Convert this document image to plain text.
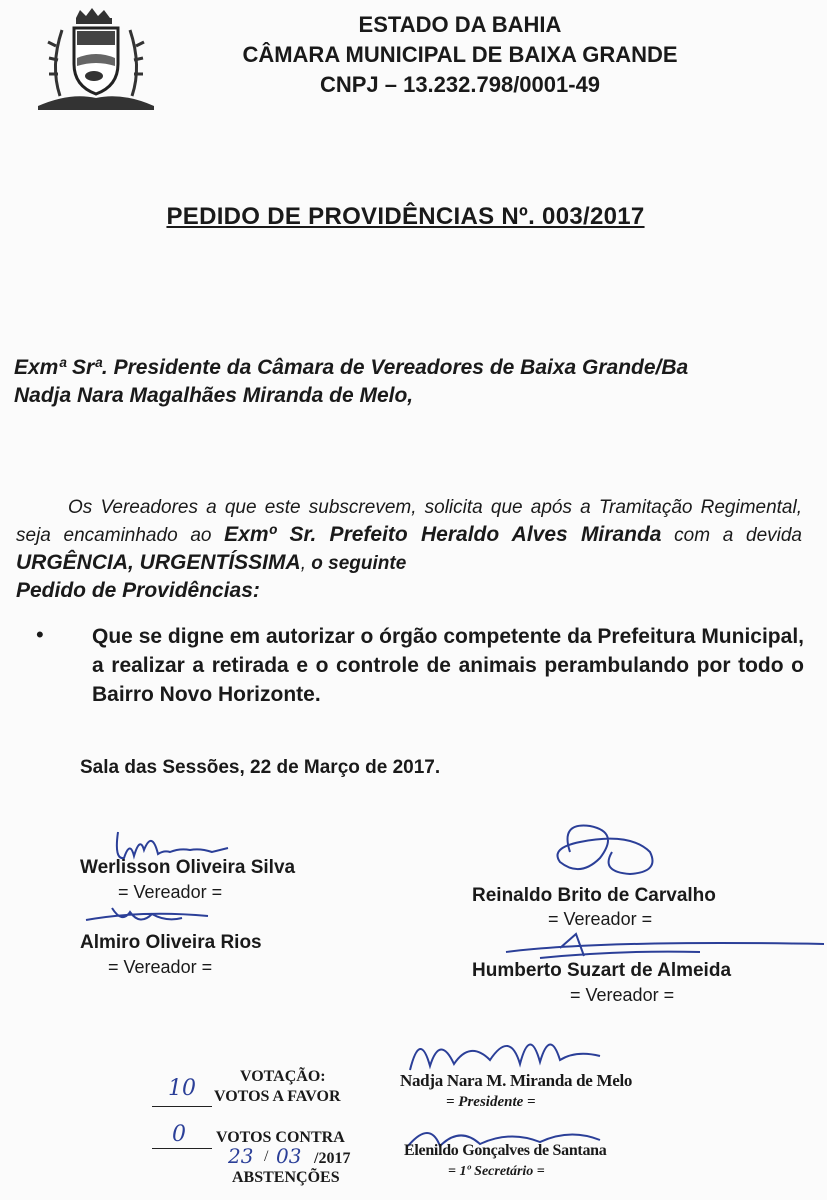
ESTADO DA BAHIA
CÂMARA MUNICIPAL DE BAIXA GRANDE
CNPJ – 13.232.798/0001-49
PEDIDO DE PROVIDÊNCIAS Nº. 003/2017
Exmª Srª. Presidente da Câmara de Vereadores de Baixa Grande/Ba
Nadja Nara Magalhães Miranda de Melo,
Os Vereadores a que este subscrevem, solicita que após a Tramitação Regimental, seja encaminhado ao Exmº Sr. Prefeito Heraldo Alves Miranda com a devida URGÊNCIA, URGENTÍSSIMA, o seguinte
Pedido de Providências:
• Que se digne em autorizar o órgão competente da Prefeitura Municipal, a realizar a retirada e o controle de animais perambulando por todo o Bairro Novo Horizonte.
Sala das Sessões, 22 de Março de 2017.
Werlisson Oliveira Silva
= Vereador =
Almiro Oliveira Rios
= Vereador =
Reinaldo Brito de Carvalho
= Vereador =
Humberto Suzart de Almeida
= Vereador =
Nadja Nara M. Miranda de Melo
= Presidente =
Elenildo Gonçalves de Santana
= 1º Secretário =
VOTAÇÃO:
10 VOTOS A FAVOR
0 VOTOS CONTRA
23 / 03 /2017
ABSTENÇÕES
